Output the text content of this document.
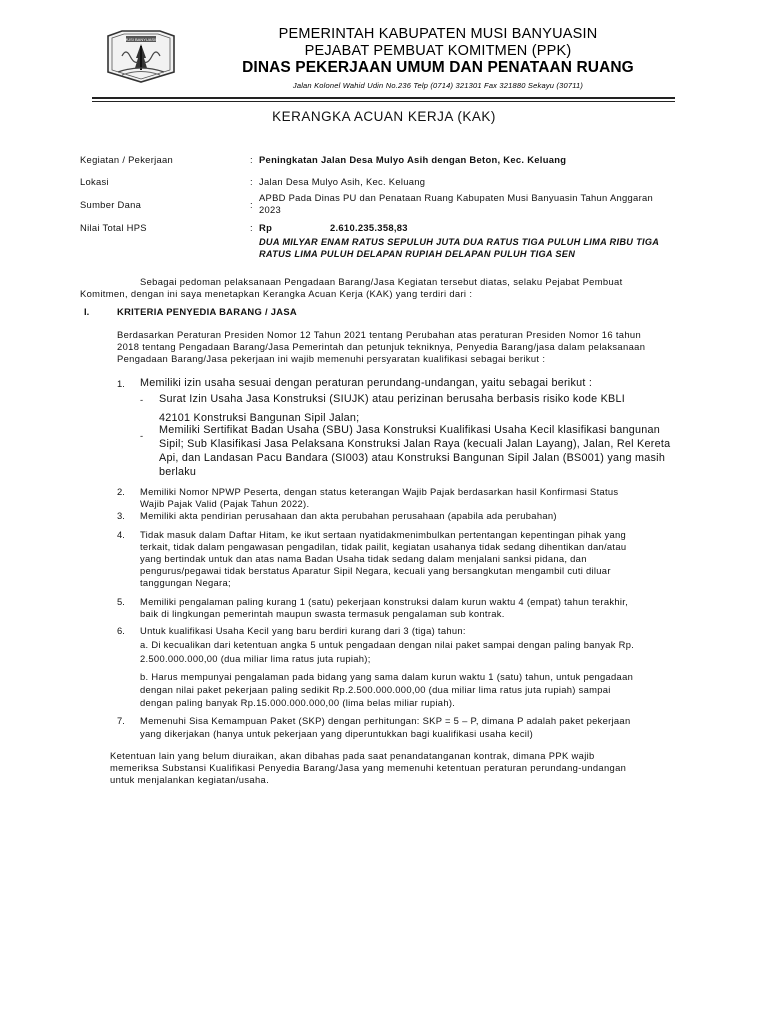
MUSI BANYUASIN	PEMERINTAH KABUPATEN MUSI BANYUASIN
PEJABAT PEMBUAT KOMITMEN (PPK)
DINAS PEKERJAAN UMUM DAN PENATAAN RUANG
Jalan Kolonel Wahid Udin No.236 Telp (0714) 321301 Fax 321880 Sekayu (30711)
KERANGKA ACUAN KERJA (KAK)
Kegiatan / Pekerjaan	: Peningkatan Jalan Desa Mulyo Asih dengan Beton, Kec. Keluang
Lokasi	: Jalan Desa Mulyo Asih, Kec. Keluang
Sumber Dana	:
APBD Pada Dinas PU dan Penataan Ruang Kabupaten Musi Banyuasin Tahun Anggaran
2023
Nilai Total HPS	: Rp	2.610.235.358,83
DUA MILYAR ENAM RATUS SEPULUH JUTA DUA RATUS TIGA PULUH LIMA RIBU TIGA
RATUS LIMA PULUH DELAPAN RUPIAH DELAPAN PULUH TIGA SEN
Sebagai pedoman pelaksanaan Pengadaan Barang/Jasa Kegiatan tersebut diatas, selaku Pejabat Pembuat
Komitmen, dengan ini saya menetapkan Kerangka Acuan Kerja (KAK) yang terdiri dari :
I.	KRITERIA PENYEDIA BARANG / JASA
Berdasarkan Peraturan Presiden Nomor 12 Tahun 2021 tentang Perubahan atas peraturan Presiden Nomor 16 tahun
2018 tentang Pengadaan Barang/Jasa Pemerintah dan petunjuk tekniknya, Penyedia Barang/jasa dalam pelaksanaan
Pengadaan Barang/Jasa pekerjaan ini wajib memenuhi persyaratan kualifikasi sebagai berikut :
1. Memiliki izin usaha sesuai dengan peraturan perundang-undangan, yaitu sebagai berikut :
- Surat Izin Usaha Jasa Konstruksi (SIUJK) atau perizinan berusaha berbasis risiko kode KBLI
42101 Konstruksi Bangunan Sipil Jalan;
- Memiliki Sertifikat Badan Usaha (SBU) Jasa Konstruksi Kualifikasi Usaha Kecil klasifikasi bangunan
Sipil; Sub Klasifikasi Jasa Pelaksana Konstruksi Jalan Raya (kecuali Jalan Layang), Jalan, Rel Kereta
Api, dan Landasan Pacu Bandara (SI003) atau Konstruksi Bangunan Sipil Jalan (BS001) yang masih
berlaku
2. Memiliki Nomor NPWP Peserta, dengan status keterangan Wajib Pajak berdasarkan hasil Konfirmasi Status
Wajib Pajak Valid (Pajak Tahun 2022).
3. Memiliki akta pendirian perusahaan dan akta perubahan perusahaan (apabila ada perubahan)
4. Tidak masuk dalam Daftar Hitam, ke ikut sertaan nyatidakmenimbulkan pertentangan kepentingan pihak yang
terkait, tidak dalam pengawasan pengadilan, tidak pailit, kegiatan usahanya tidak sedang dihentikan dan/atau
yang bertindak untuk dan atas nama Badan Usaha tidak sedang dalam menjalani sanksi pidana, dan
pengurus/pegawai tidak berstatus Aparatur Sipil Negara, kecuali yang bersangkutan mengambil cuti diluar
tanggungan Negara;
5. Memiliki pengalaman paling kurang 1 (satu) pekerjaan konstruksi dalam kurun waktu 4 (empat) tahun terakhir,
baik di lingkungan pemerintah maupun swasta termasuk pengalaman sub kontrak.
6. Untuk kualifikasi Usaha Kecil yang baru berdiri kurang dari 3 (tiga) tahun:
a. Di kecualikan dari ketentuan angka 5 untuk pengadaan dengan nilai paket sampai dengan paling banyak Rp.
2.500.000.000,00 (dua miliar lima ratus juta rupiah);
b. Harus mempunyai pengalaman pada bidang yang sama dalam kurun waktu 1 (satu) tahun, untuk pengadaan
dengan nilai paket pekerjaan paling sedikit Rp.2.500.000.000,00 (dua miliar lima ratus juta rupiah) sampai
dengan paling banyak Rp.15.000.000.000,00 (lima belas miliar rupiah).
7. Memenuhi Sisa Kemampuan Paket (SKP) dengan perhitungan: SKP = 5 – P, dimana P adalah paket pekerjaan
yang dikerjakan (hanya untuk pekerjaan yang diperuntukkan bagi kualifikasi usaha kecil)
Ketentuan lain yang belum diuraikan, akan dibahas pada saat penandatanganan kontrak, dimana PPK wajib
memeriksa Substansi Kualifikasi Penyedia Barang/Jasa yang memenuhi ketentuan peraturan perundang-undangan
untuk menjalankan kegiatan/usaha.
